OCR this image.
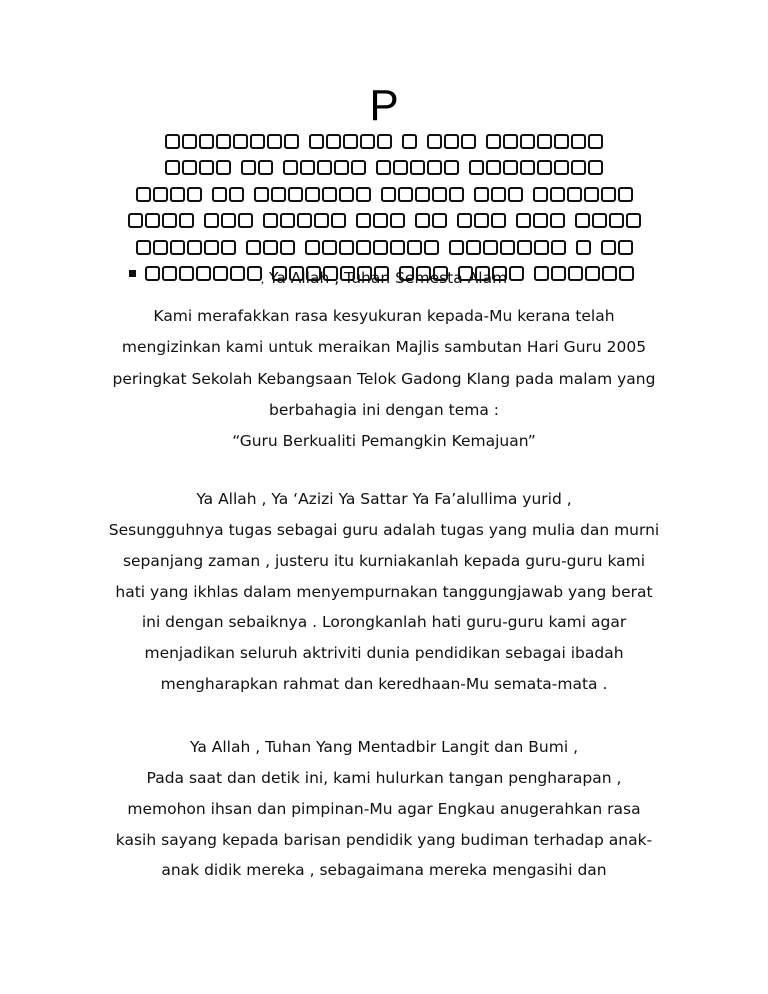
P
, Ya Allah , Tuhan Semesta Alam
Kami merafakkan rasa kesyukuran kepada-Mu kerana telah
mengizinkan kami untuk meraikan Majlis sambutan Hari Guru 2005
peringkat Sekolah Kebangsaan Telok Gadong Klang pada malam yang
berbahagia ini dengan tema :
“Guru Berkualiti Pemangkin Kemajuan”
Ya Allah , Ya ‘Azizi Ya Sattar Ya Fa’alullima yurid ,
Sesungguhnya tugas sebagai guru adalah tugas yang mulia dan murni
sepanjang zaman , justeru itu kurniakanlah kepada guru-guru kami
hati yang ikhlas dalam menyempurnakan tanggungjawab yang berat
ini dengan sebaiknya . Lorongkanlah hati guru-guru kami agar
menjadikan seluruh aktriviti dunia pendidikan sebagai ibadah
mengharapkan rahmat dan keredhaan-Mu semata-mata .
Ya Allah , Tuhan Yang Mentadbir Langit dan Bumi ,
Pada saat dan detik ini, kami hulurkan tangan pengharapan ,
memohon ihsan dan pimpinan-Mu agar Engkau anugerahkan rasa
kasih sayang kepada barisan pendidik yang budiman terhadap anak-
anak didik mereka , sebagaimana mereka mengasihi dan
